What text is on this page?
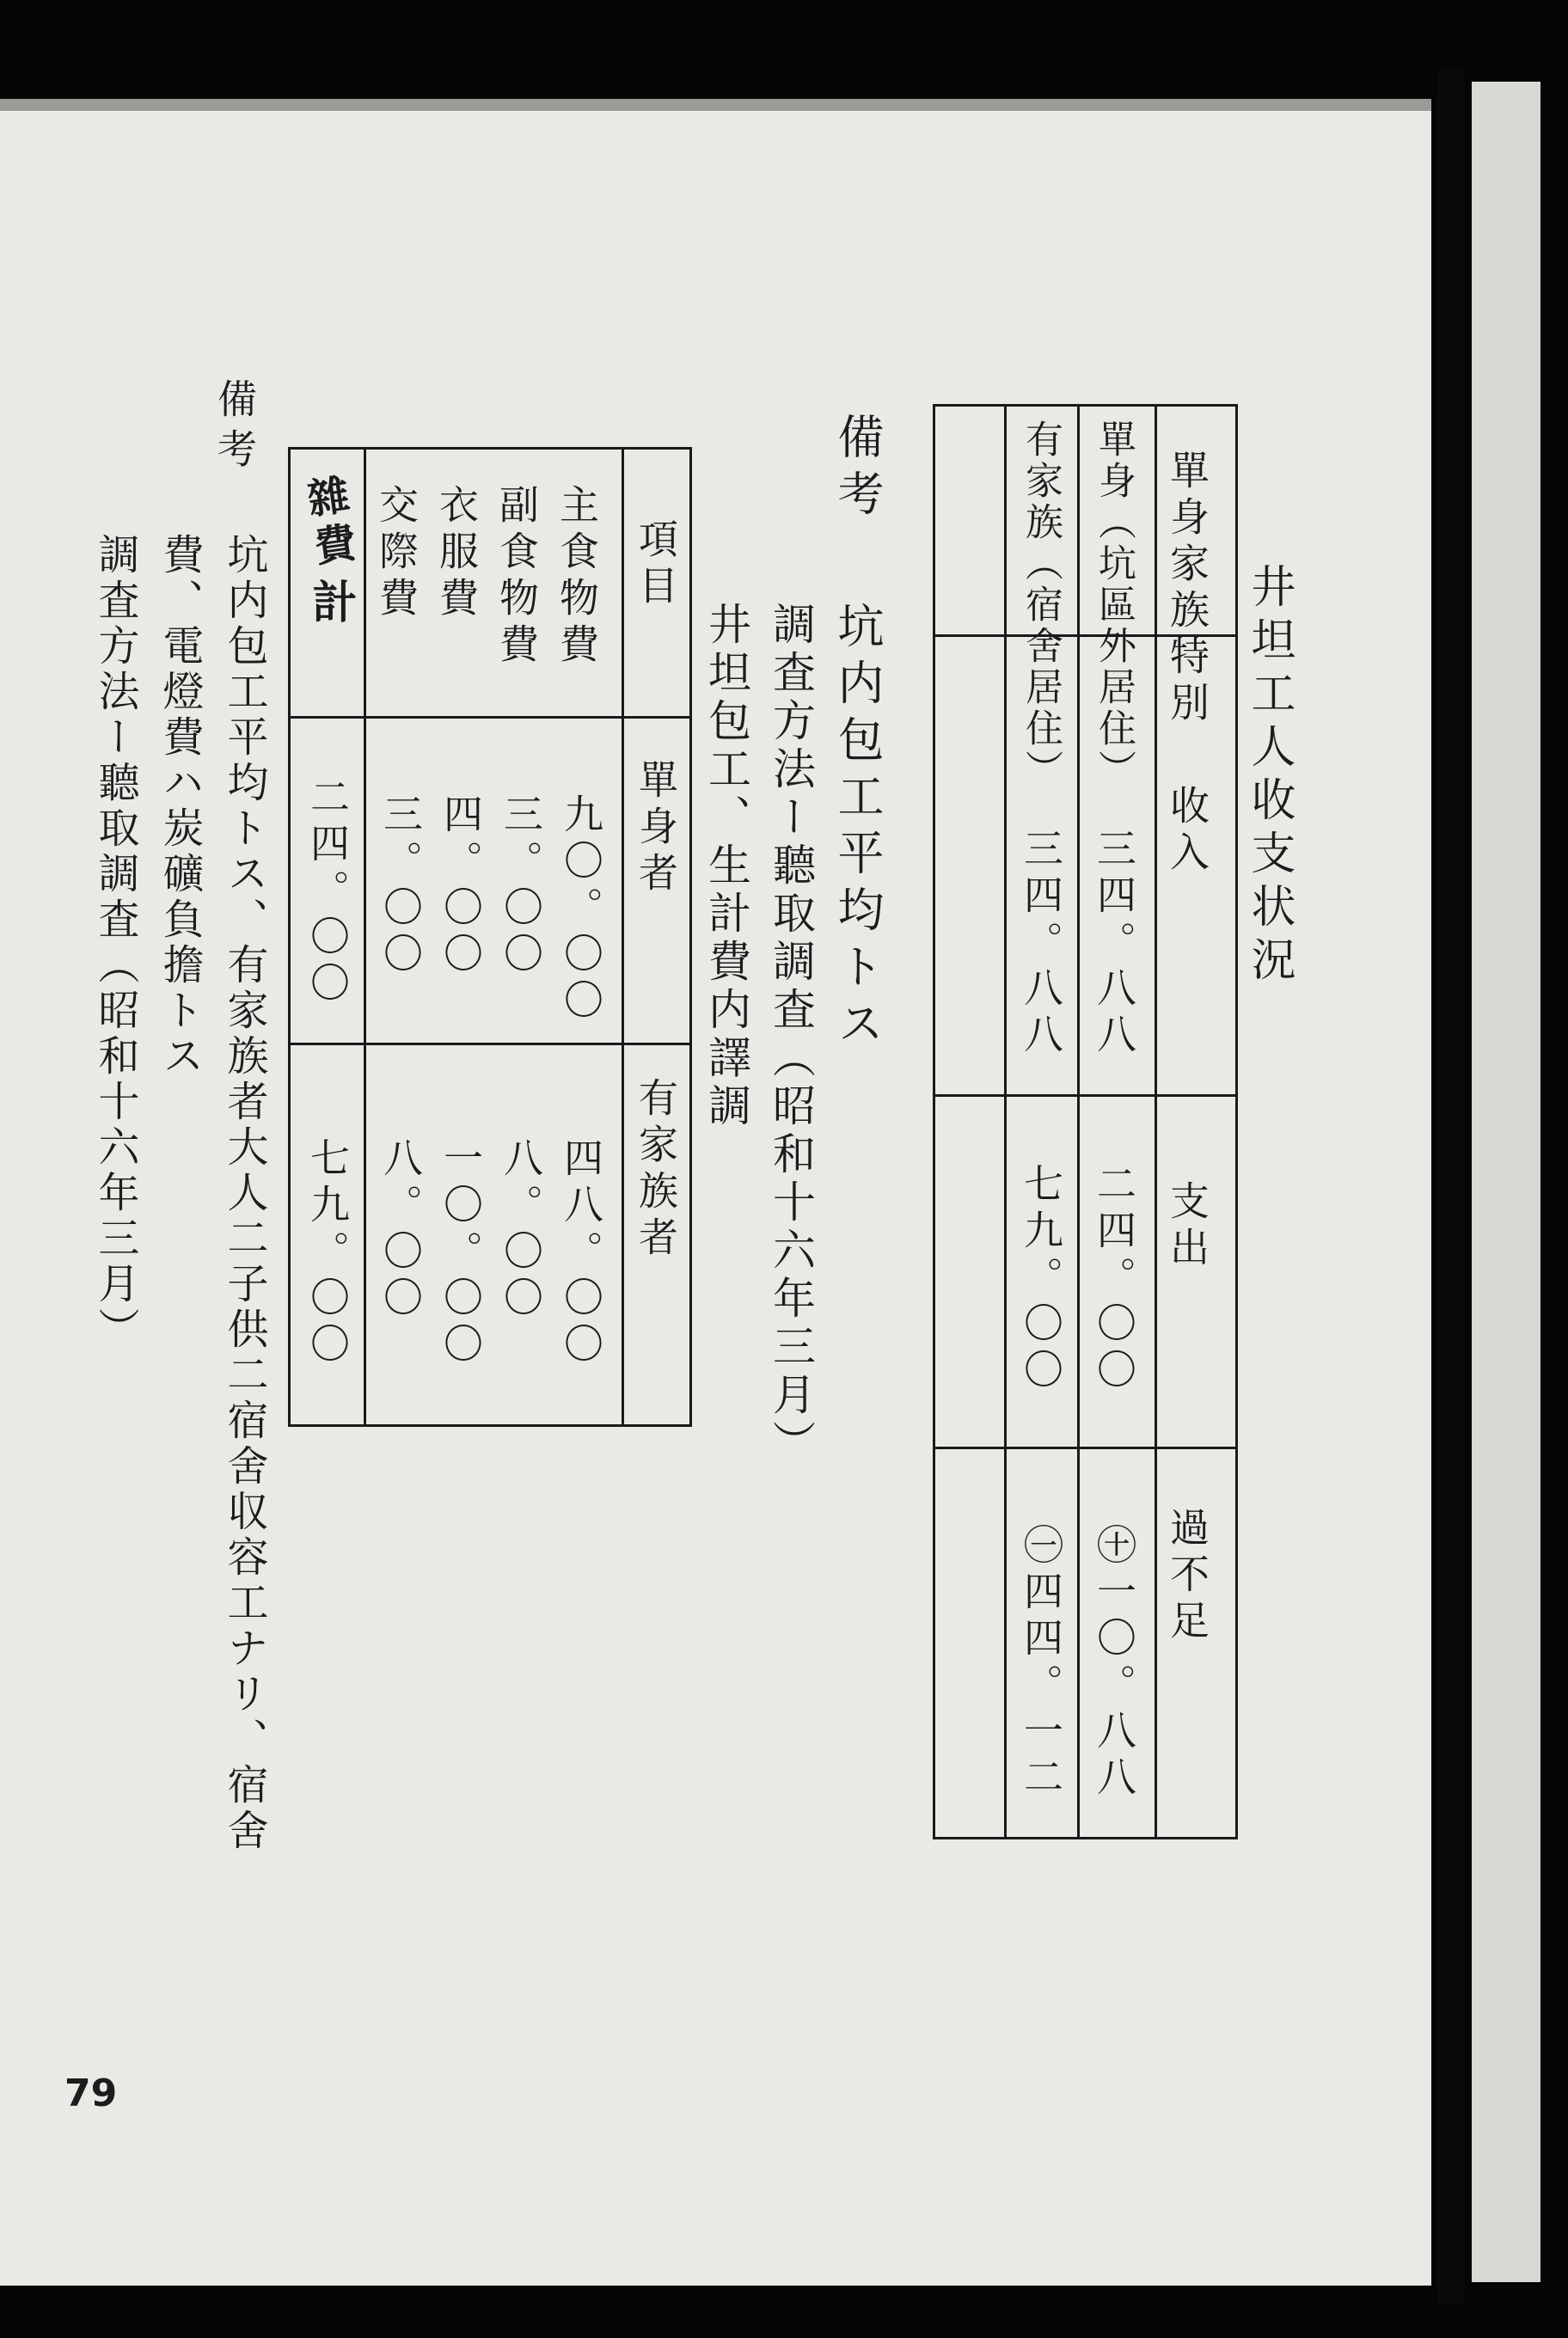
井坦工人收支状況
單身家族特別
收入
支出
過不足
單身（坑區外居住）
三四。八八
二四。〇〇
㊉一〇。八八
有家族（宿舍居住）
三四。八八
七九。〇〇
㊀四四。一二
備考
坑内包工平均トス
調査方法ー聽取調査（昭和十六年三月）
井坦包工、生計費内譯調
項目
單身者
有家族者
主食物費
九〇。〇〇
四八。〇〇
副食物費
三。〇〇
八。〇〇
衣服費
四。〇〇
一〇。〇〇
交際費
三。〇〇
八。〇〇
計
雜費
二四。〇〇
七九。〇〇
備考
坑内包工平均トス、有家族者大人二子供二宿舍収容工ナリ、宿舍
費、電燈費ハ炭礦負擔トス
調査方法ー聽取調査（昭和十六年三月）
79
